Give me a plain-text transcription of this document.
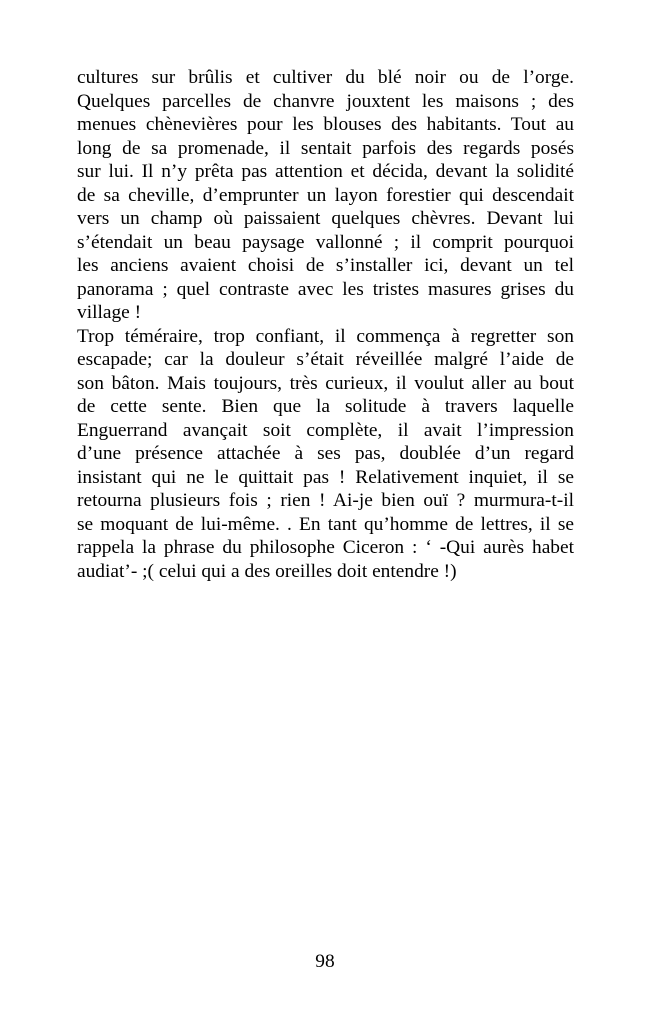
cultures sur brûlis et cultiver du blé noir ou de l’orge.
Quelques parcelles de chanvre jouxtent les maisons ; des
menues chènevières pour les blouses des habitants. Tout au
long de sa promenade, il sentait parfois des regards posés
sur lui. Il n’y prêta pas attention et décida, devant la solidité
de sa cheville, d’emprunter un layon forestier qui descendait
vers un champ où paissaient quelques chèvres. Devant lui
s’étendait un beau paysage vallonné ; il comprit pourquoi
les anciens avaient choisi de s’installer ici, devant un tel
panorama ; quel contraste avec les tristes masures grises du
village !
Trop téméraire, trop confiant, il commença à regretter son
escapade; car la douleur s’était réveillée malgré l’aide de
son bâton. Mais toujours, très curieux, il voulut aller au bout
de cette sente. Bien que la solitude à travers laquelle
Enguerrand avançait soit complète, il avait l’impression
d’une présence attachée à ses pas, doublée d’un regard
insistant qui ne le quittait pas ! Relativement inquiet, il se
retourna plusieurs fois ; rien ! Ai-je bien ouï ? murmura-t-il
se moquant de lui-même. . En tant qu’homme de lettres, il se
rappela la phrase du philosophe Ciceron : ‘ -Qui aurès habet
audiat’- ;( celui qui a des oreilles doit entendre !)
98
